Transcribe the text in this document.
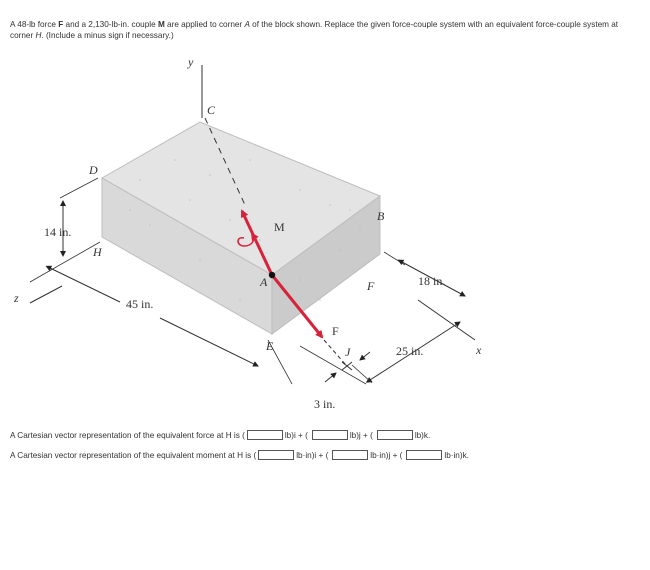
A 48-lb force F and a 2,130-lb-in. couple M are applied to corner A of the block shown. Replace the given force-couple system with an equivalent force-couple system at corner H. (Include a minus sign if necessary.)

y
C
D
B
M
H
A	F
F
E	J
z
x
14 in.
45 in.
18 in.
25 in.
3 in.
A Cartesian vector representation of the equivalent force at H is (	lb)i + (	lb)j + (	lb)k.
A Cartesian vector representation of the equivalent moment at H is (	lb·in)i + (	lb·in)j + (	lb·in)k.
